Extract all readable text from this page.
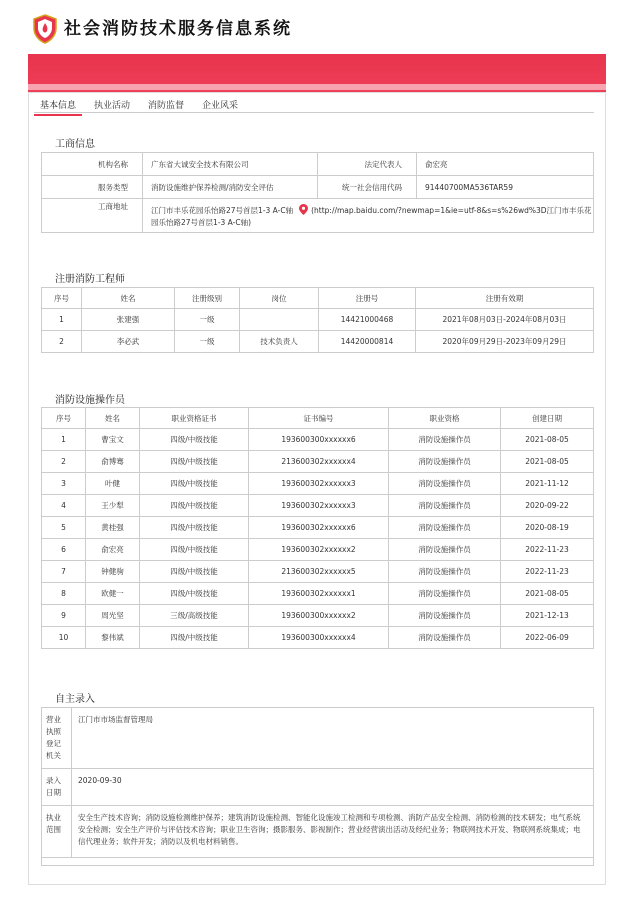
社会消防技术服务信息系统
基本信息	执业活动	消防监督	企业风采
工商信息
机构名称	广东省大诚安全技术有限公司	法定代表人	俞宏亮
服务类型	消防设施维护保养检测/消防安全评估	统一社会信用代码	91440700MA536TAR59
工商地址	江门市丰乐花园乐怡路27号首层1-3 A-C轴 (http://map.baidu.com/?newmap=1&ie=utf-8&s=s%26wd%3D江门市丰乐花园乐怡路27号首层1-3 A-C轴)		
注册消防工程师
序号	姓名	注册级别	岗位	注册号	注册有效期
1	张建强	一级		14421000468	2021年08月03日-2024年08月03日
2	李必武	一级	技术负责人	14420000814	2020年09月29日-2023年09月29日
消防设施操作员
序号	姓名	职业资格证书	证书编号	职业资格	创建日期
1	曹宝文	四级/中级技能	193600300xxxxxx6	消防设施操作员	2021-08-05
2	俞博骞	四级/中级技能	213600302xxxxxx4	消防设施操作员	2021-08-05
3	叶健	四级/中级技能	193600302xxxxxx3	消防设施操作员	2021-11-12
4	王少犁	四级/中级技能	193600302xxxxxx3	消防设施操作员	2020-09-22
5	黄桂强	四级/中级技能	193600302xxxxxx6	消防设施操作员	2020-08-19
6	俞宏亮	四级/中级技能	193600302xxxxxx2	消防设施操作员	2022-11-23
7	钟健驹	四级/中级技能	213600302xxxxxx5	消防设施操作员	2022-11-23
8	欧健一	四级/中级技能	193600302xxxxxx1	消防设施操作员	2021-08-05
9	周光坚	三级/高级技能	193600300xxxxxx2	消防设施操作员	2021-12-13
10	黎伟斌	四级/中级技能	193600300xxxxxx4	消防设施操作员	2022-06-09
自主录入
营业执照登记机关	江门市市场监督管理局
录入日期	2020-09-30
执业范围	安全生产技术咨询；消防设施检测维护保养；建筑消防设施检测、智能化设施竣工检测和专项检测、消防产品安全检测、消防检测的技术研发；电气系统安全检测；安全生产评价与评估技术咨询；职业卫生咨询；摄影服务、影视制作；营业经营演出活动及经纪业务；物联网技术开发、物联网系统集成；电信代理业务；软件开发；消防以及机电材料销售。
